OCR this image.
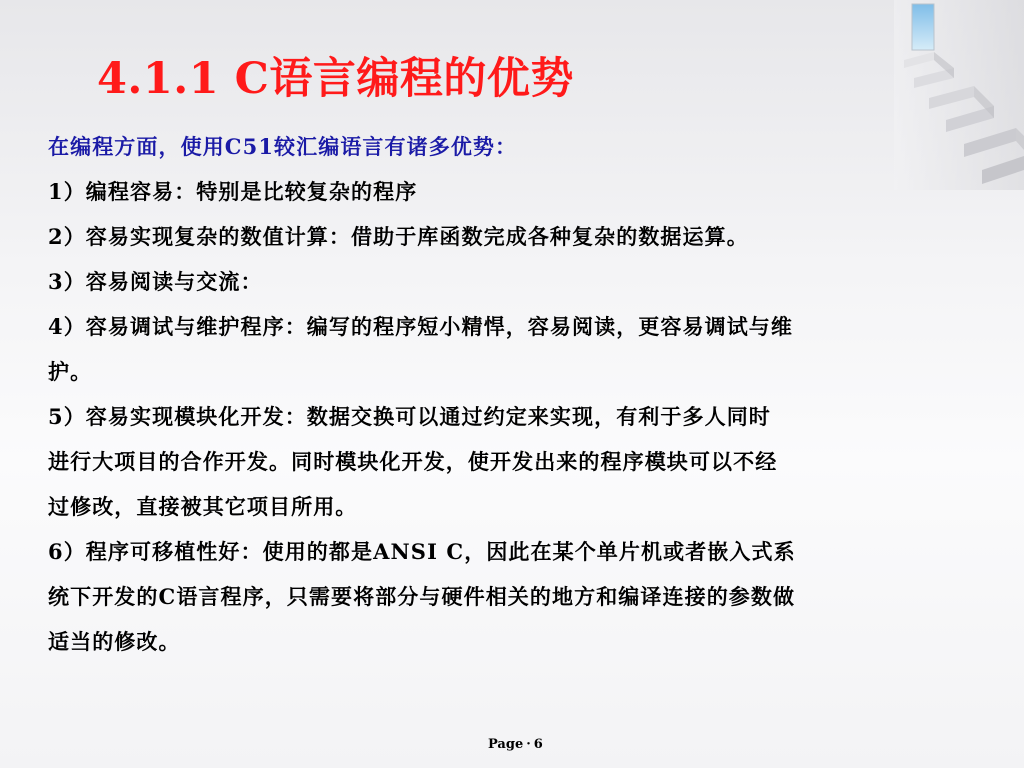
4.1.1 C语言编程的优势
在编程方面，使用C51较汇编语言有诸多优势：
1）编程容易：特别是比较复杂的程序
2）容易实现复杂的数值计算：借助于库函数完成各种复杂的数据运算。
3）容易阅读与交流：
4）容易调试与维护程序：编写的程序短小精悍，容易阅读，更容易调试与维
护。
5）容易实现模块化开发：数据交换可以通过约定来实现，有利于多人同时
进行大项目的合作开发。同时模块化开发，使开发出来的程序模块可以不经
过修改，直接被其它项目所用。
6）程序可移植性好：使用的都是ANSI C，因此在某个单片机或者嵌入式系
统下开发的C语言程序，只需要将部分与硬件相关的地方和编译连接的参数做
适当的修改。
Page · 6
